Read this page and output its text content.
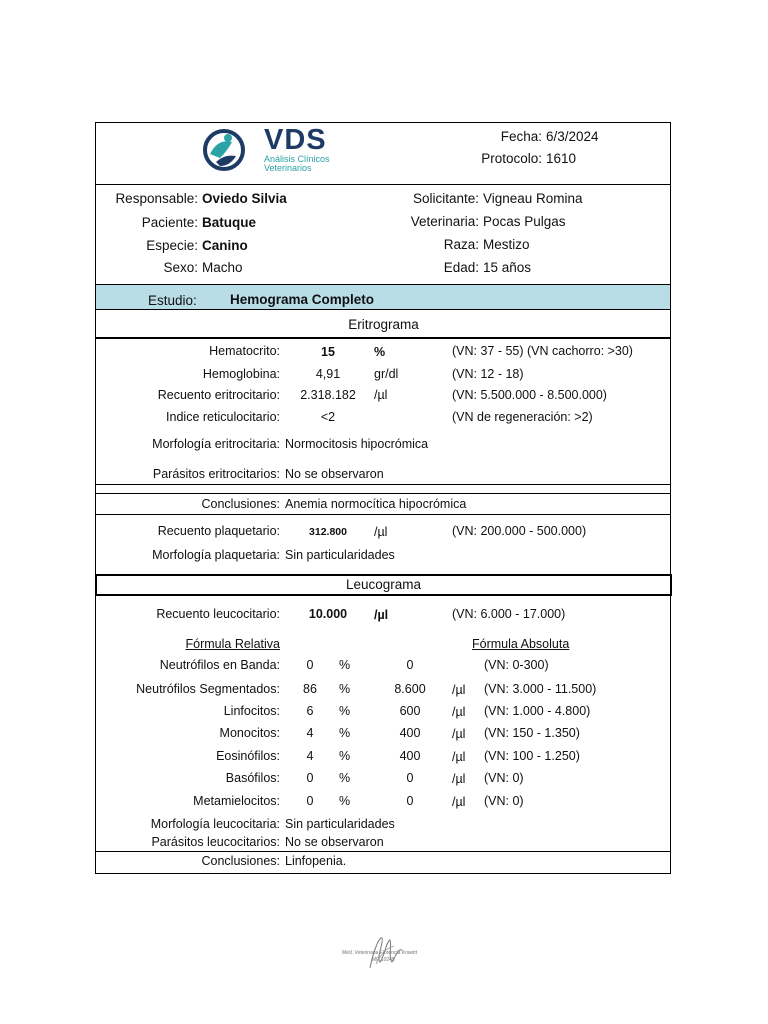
VDS
Análisis Clínicos
Veterinarios
Fecha: 6/3/2024
Protocolo: 1610
Responsable: Oviedo Silvia
Paciente: Batuque
Especie: Canino
Sexo: Macho
Solicitante: Vigneau Romina
Veterinaria: Pocas Pulgas
Raza: Mestizo
Edad: 15 años
Estudio: Hemograma Completo
Eritrograma
Hematocrito:	15	%	(VN: 37 - 55) (VN cachorro: >30)
Hemoglobina:	4,91	gr/dl	(VN: 12 - 18)
Recuento eritrocitario:	2.318.182	/µl	(VN: 5.500.000 - 8.500.000)
Indice reticulocitario:	<2	(VN de regeneración: >2)
Morfología eritrocitaria: Normocitosis hipocrómica
Parásitos eritrocitarios: No se observaron
Conclusiones: Anemia normocítica hipocrómica
Recuento plaquetario:	312.800	/µl	(VN: 200.000 - 500.000)
Morfología plaquetaria: Sin particularidades
Leucograma
Recuento leucocitario:	10.000	/µl	(VN: 6.000 - 17.000)
Fórmula Relativa	Fórmula Absoluta
Neutrófilos en Banda:	0	%	0	(VN: 0-300)
Neutrófilos Segmentados:	86	%	8.600	/µl (VN: 3.000 - 11.500)
Linfocitos:	6	%	600	/µl (VN: 1.000 - 4.800)
Monocitos:	4	%	400	/µl (VN: 150 - 1.350)
Eosinófilos:	4	%	400	/µl (VN: 100 - 1.250)
Basófilos:	0	%	0	/µl (VN: 0)
Metamielocitos:	0	%	0	/µl (VN: 0)
Morfología leucocitaria: Sin particularidades
Parásitos leucocitarios: No se observaron
Conclusiones: Linfopenia.
Méd. Veterinaria Florencia Krawitt
MP 10245
